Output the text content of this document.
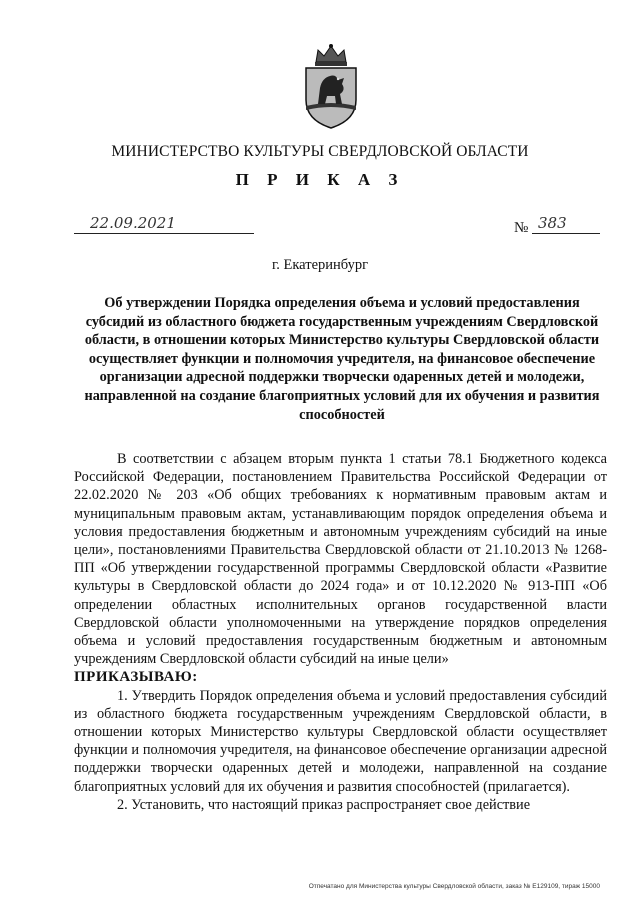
МИНИСТЕРСТВО КУЛЬТУРЫ СВЕРДЛОВСКОЙ ОБЛАСТИ
П Р И К А З
22.09.2021	№ 383
г. Екатеринбург

Об утверждении Порядка определения объема и условий предоставления субсидий из областного бюджета государственным учреждениям Свердловской области, в отношении которых Министерство культуры Свердловской области осуществляет функции и полномочия учредителя, на финансовое обеспечение организации адресной поддержки творчески одаренных детей и молодежи, направленной на создание благоприятных условий для их обучения и развития способностей

В соответствии с абзацем вторым пункта 1 статьи 78.1 Бюджетного кодекса Российской Федерации, постановлением Правительства Российской Федерации от 22.02.2020 № 203 «Об общих требованиях к нормативным правовым актам и муниципальным правовым актам, устанавливающим порядок определения объема и условия предоставления бюджетным и автономным учреждениям субсидий на иные цели», постановлениями Правительства Свердловской области от 21.10.2013 № 1268-ПП «Об утверждении государственной программы Свердловской области «Развитие культуры в Свердловской области до 2024 года» и от 10.12.2020 № 913-ПП «Об определении областных исполнительных органов государственной власти Свердловской области уполномоченными на утверждение порядков определения объема и условий предоставления государственным бюджетным и автономным учреждениям Свердловской области субсидий на иные цели»

ПРИКАЗЫВАЮ:

1. Утвердить Порядок определения объема и условий предоставления субсидий из областного бюджета государственным учреждениям Свердловской области, в отношении которых Министерство культуры Свердловской области осуществляет функции и полномочия учредителя, на финансовое обеспечение организации адресной поддержки творчески одаренных детей и молодежи, направленной на создание благоприятных условий для их обучения и развития способностей (прилагается).

2. Установить, что настоящий приказ распространяет свое действие

Отпечатано для Министерства культуры Свердловской области, заказ № Е129109, тираж 15000
